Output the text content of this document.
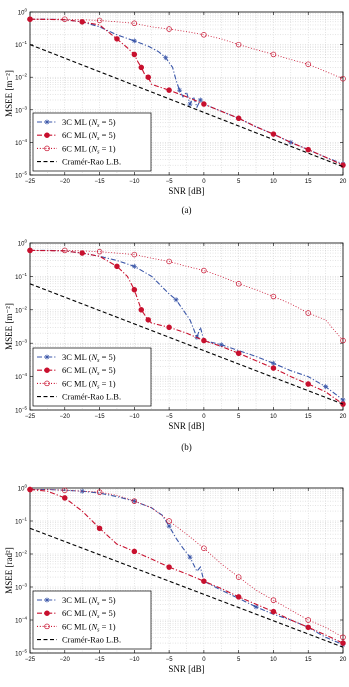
−25	−20	−15	−10	−5	0	5	10	15	20
$10^0$
$10^{-1}$
$10^{-2}$
$10^{-3}$
$10^{-4}$
$10^{-5}$
SNR [dB]
MSEE [m⁻²]
(a)
3C ML $(N_s = 5)$
6C ML $(N_s = 5)$
6C ML $(N_s = 1)$
Cramér-Rao L.B.
−25	−20	−15	−10	−5	0	5	10	15	20
$10^0$
$10^{-1}$
$10^{-2}$
$10^{-3}$
$10^{-4}$
$10^{-5}$
SNR [dB]
MSEE [m⁻²]
(b)
3C ML $(N_s = 5)$
6C ML $(N_s = 5)$
6C ML $(N_s = 1)$
Cramér-Rao L.B.
−25	−20	−15	−10	−5	0	5	10	15	20
$10^0$
$10^{-1}$
$10^{-2}$
$10^{-3}$
$10^{-4}$
$10^{-5}$
SNR [dB]
MSEE [rad²]
3C ML $(N_s = 5)$
6C ML $(N_s = 5)$
6C ML $(N_s = 1)$
Cramér-Rao L.B.
